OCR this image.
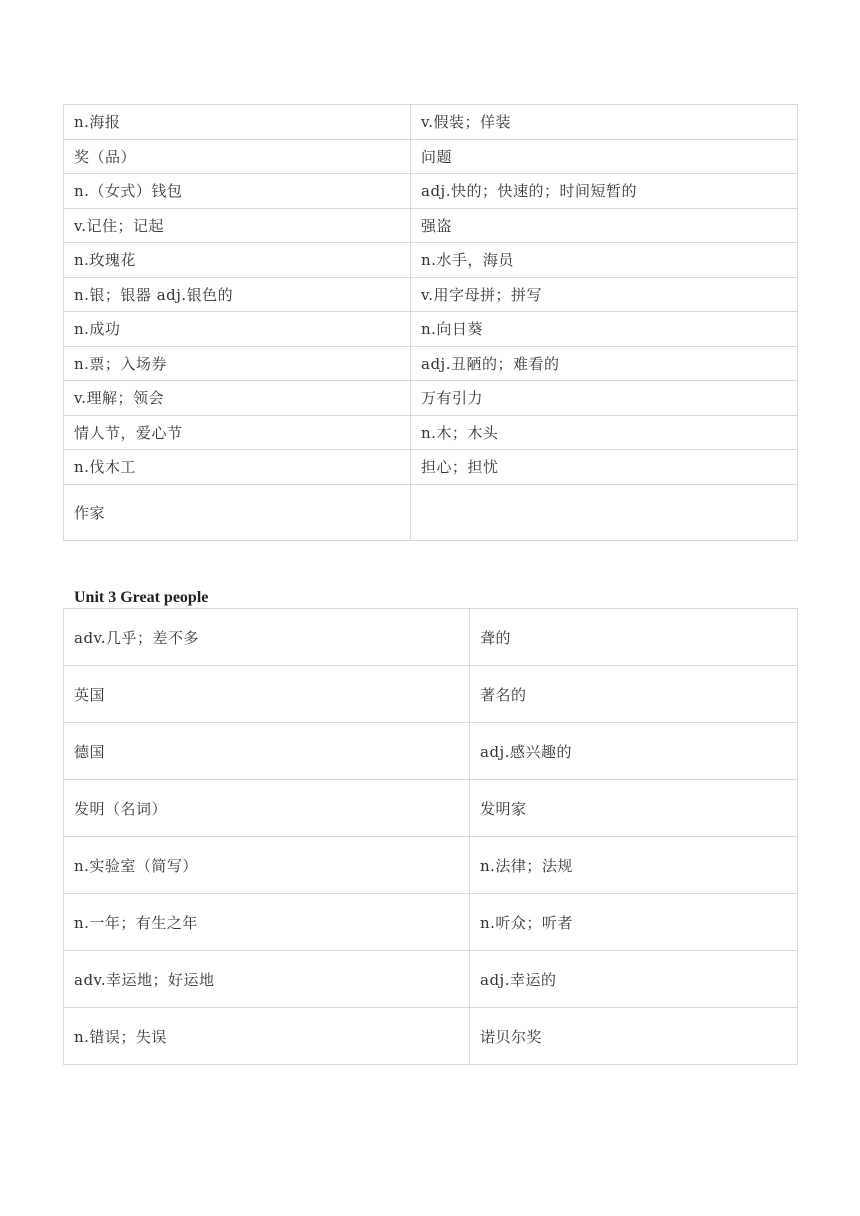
n.海报	v.假装；佯装
奖（品）	问题
n.（女式）钱包	adj.快的；快速的；时间短暂的
v.记住；记起	强盗
n.玫瑰花	n.水手，海员
n.银；银器 adj.银色的	v.用字母拼；拼写
n.成功	n.向日葵
n.票；入场券	adj.丑陋的；难看的
v.理解；领会	万有引力
情人节，爱心节	n.木；木头
n.伐木工	担心；担忧
作家	
Unit 3 Great people
adv.几乎；差不多	聋的
英国	著名的
德国	adj.感兴趣的
发明（名词）	发明家
n.实验室（简写）	n.法律；法规
n.一年；有生之年	n.听众；听者
adv.幸运地；好运地	adj.幸运的
n.错误；失误	诺贝尔奖
